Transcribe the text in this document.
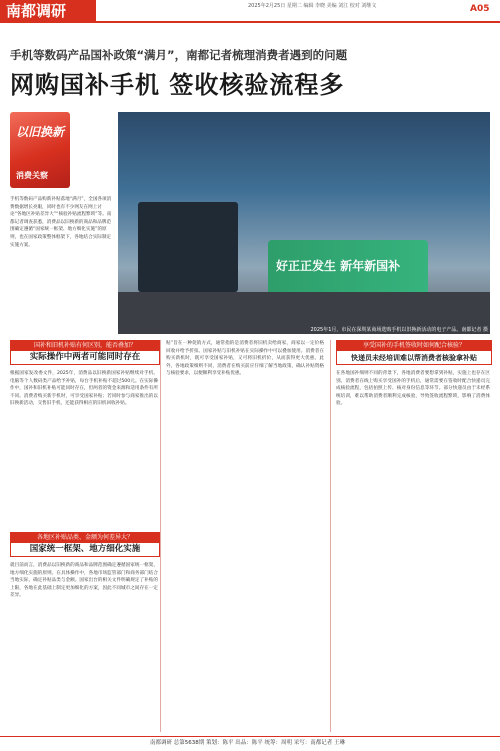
南都调研	2025年2月25日 星期二 编辑 李晓 美编 刘江 校对 刘继文	A05
手机等数码产品国补政策“满月”，南都记者梳理消费者遇到的问题
网购国补手机 签收核验流程多
以旧换新
消费关察
手机等数码产品购新补贴落地“满月”，全国各项消费数据增长亮眼，同时也有不少网友在网上讨论“各地区补贴差异大”“核验补贴流程繁琐”等。南都记者调查获悉，消费品以旧换新的商品和品牌范围确定遵循“国家统一框架、地方细化实施”的原则，也在国家政策整体框架下，各地结合实际制定实施方案。
好正正发生 新年新国补
2025年1月，市民在深圳某商场选购手机以旧换新活动的电子产品。南都记者 摄
国补和旧机补贴有何区别，能否叠加？
实际操作中两者可能同时存在
根据国家发改委文件，2025年，消费品以旧换新国家补贴继续对手机、电脑等个人数码类产品给予补贴，每台手机补贴不超过500元。在实际操作中，国补和旧机补贴可能同时存在，但两者的资金来源和适用条件有所不同。消费者购买新手机时，可享受国家补贴；若同时参与商家推出的以旧换新活动，交售旧手机，还能获得相应的旧机回收补贴。
各地区补贴品类、金额为何差异大？
国家统一框架、地方细化实施
就目前而言，消费品以旧换新的商品和品牌范围确定遵循国家统一框架、地方细化实施的原则。在具体操作中，各地市场监管部门和商务部门结合当地实际，确定补贴品类与金额。国家出台的相关文件明确规定了补贴的上限，各地在此基础上制定更加细化的方案，因此不同城市之间存在一定差异。
贴”旨在一种促销方式，通常指的是消费者将旧机卖给商家，商家以一定价格回收并给予折扣。国家补贴与旧机补贴在实际操作中可以叠加使用。消费者在购买新机时，既可享受国家补贴，又可将旧机折价，从而获得更大优惠。此外，各地政策细则不同，消费者在购买前应仔细了解当地政策，确认补贴资格与核验要求，以便顺利享受补贴优惠。
享受国补的手机签收时如何配合核验？
快递员未经培训难以帮消费者核验拿补贴
在各地国补细则不同的背景下，各地消费者要想拿到补贴，实施上也存在区别。消费者在线上购买享受国补的手机后，通常需要在签收时配合快递员完成核验流程，包括拍照上传、核对身份信息等环节。部分快递员由于未经系统培训，难以帮助消费者顺利完成核验，导致签收流程繁琐，影响了消费体验。
南都调研 总第5638期 策划：陈平 出品：陈平 统筹：周明 采写：南都记者 王琳
